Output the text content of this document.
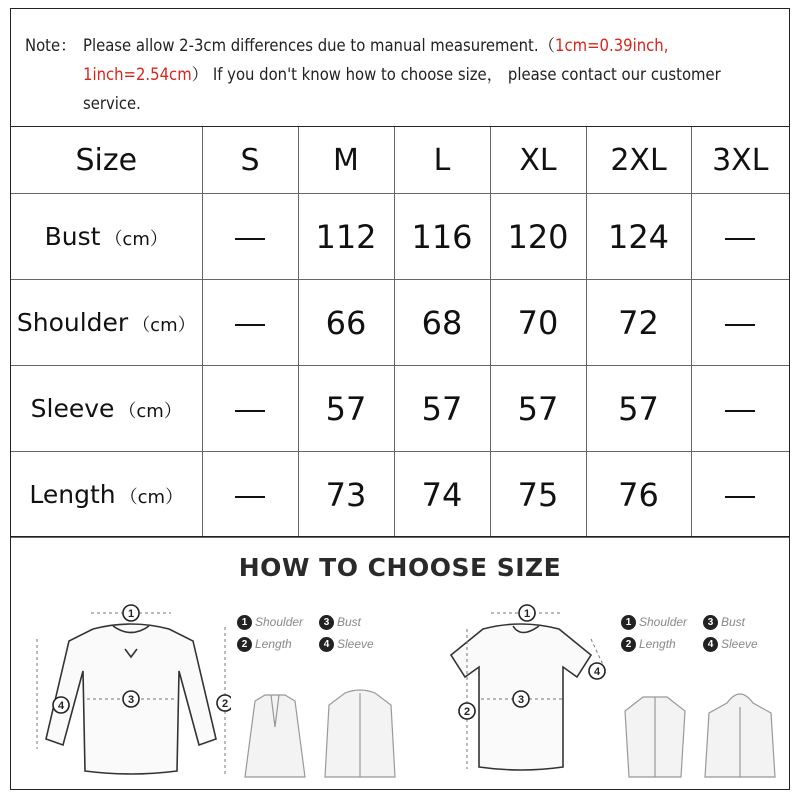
Note： Please allow 2-3cm differences due to manual measurement.（1cm=0.39inch,
1inch=2.54cm） If you don't know how to choose size， please contact our customer service.
Size	S	M	L	XL	2XL	3XL
Bust （cm）		112	116	120	124	
Shoulder （cm）		66	68	70	72	
Sleeve （cm）		57	57	57	57	
Length （cm）		73	74	75	76	
HOW TO CHOOSE SIZE
1
3	2
4
1 Shoulder 3 Bust
2 Length	4 Sleeve
1
3
2
4
1 Shoulder 3 Bust
2 Length	4 Sleeve
